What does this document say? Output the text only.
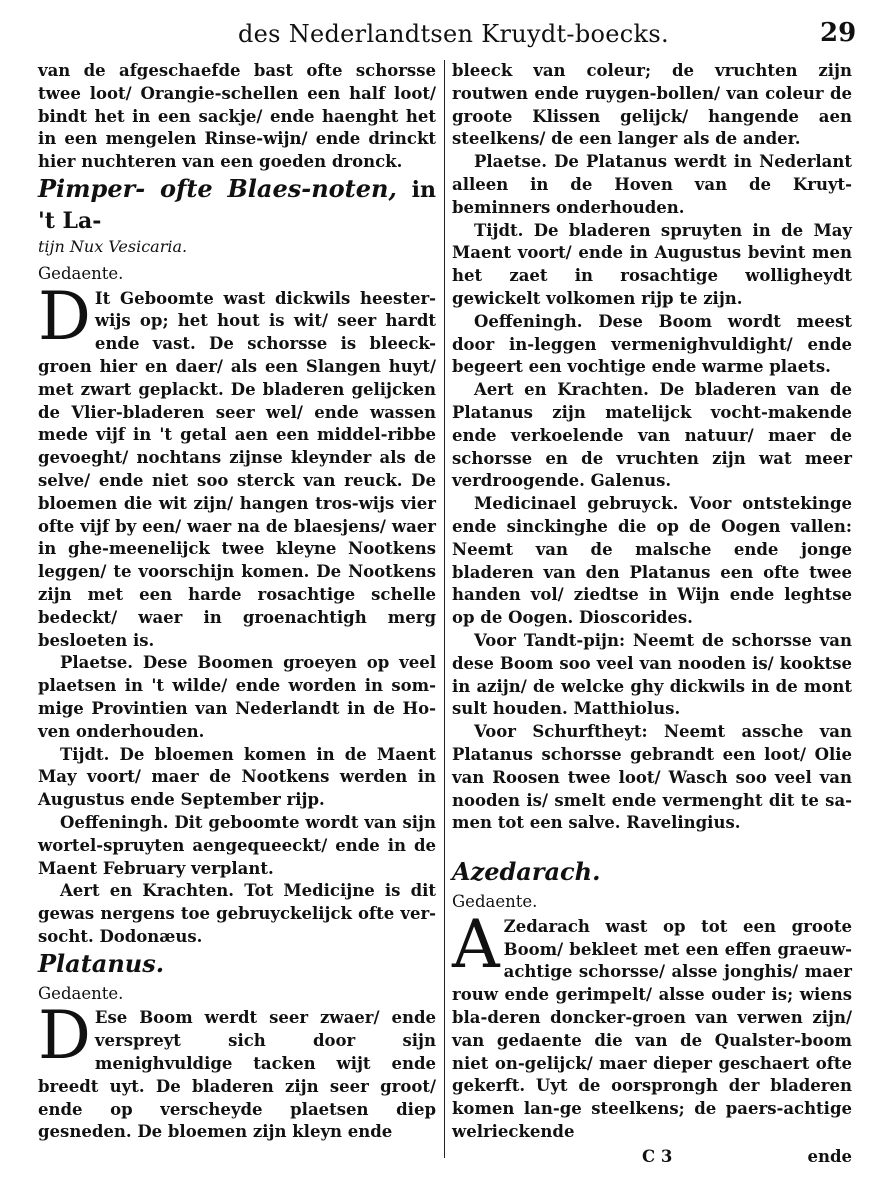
des Nederlandtsen Kruydt-boecks.	29

van de afgeschaefde bast ofte schorsse twee loot/ Orangie-schellen een half loot/ bindt het in een sackje/ ende haenght het in een mengelen Rinse-wijn/ ende drinckt hier nuchteren van een goeden dronck.

Pimper- ofte Blaes-noten, in 't La-

tijn Nux Vesicaria.

Gedaente.

D It Geboomte wast dickwils heester-wijs op; het hout is wit/ seer hardt ende vast. De schorsse is bleeck-groen hier en daer/ als een Slangen huyt/ met zwart geplackt. De bladeren gelijcken de Vlier-bladeren seer wel/ ende wassen mede vijf in 't getal aen een middel-ribbe gevoeght/ nochtans zijnse kleynder als de selve/ ende niet soo sterck van reuck. De bloemen die wit zijn/ hangen tros-wijs vier ofte vijf by een/ waer na de blaesjens/ waer in ghe-meenelijck twee kleyne Nootkens leggen/ te voorschijn komen. De Nootkens zijn met een harde rosachtige schelle bedeckt/ waer in groenachtigh merg besloeten is.

Plaetse. Dese Boomen groeyen op veel plaetsen in 't wilde/ ende worden in som-mige Provintien van Nederlandt in de Ho-ven onderhouden.

Tijdt. De bloemen komen in de Maent May voort/ maer de Nootkens werden in Augustus ende September rijp.

Oeffeningh. Dit geboomte wordt van sijn wortel-spruyten aengequeeckt/ ende in de Maent February verplant.

Aert en Krachten. Tot Medicijne is dit gewas nergens toe gebruyckelijck ofte ver-socht. Dodonæus.

Platanus.

Gedaente.

D Ese Boom werdt seer zwaer/ ende verspreyt sich door sijn menighvuldige tacken wijt ende breedt uyt. De bladeren zijn seer groot/ ende op verscheyde plaetsen diep gesneden. De bloemen zijn kleyn ende

bleeck van coleur; de vruchten zijn routwen ende ruygen-bollen/ van coleur de groote Klissen gelijck/ hangende aen steelkens/ de een langer als de ander.

Plaetse. De Platanus werdt in Nederlant alleen in de Hoven van de Kruyt-beminners onderhouden.

Tijdt. De bladeren spruyten in de May Maent voort/ ende in Augustus bevint men het zaet in rosachtige wolligheydt gewickelt volkomen rijp te zijn.

Oeffeningh. Dese Boom wordt meest door in-leggen vermenighvuldight/ ende begeert een vochtige ende warme plaets.

Aert en Krachten. De bladeren van de Platanus zijn matelijck vocht-makende ende verkoelende van natuur/ maer de schorsse en de vruchten zijn wat meer verdroogende. Galenus.

Medicinael gebruyck. Voor ontstekinge ende sinckinghe die op de Oogen vallen: Neemt van de malsche ende jonge bladeren van den Platanus een ofte twee handen vol/ ziedtse in Wijn ende leghtse op de Oogen. Dioscorides.

Voor Tandt-pijn: Neemt de schorsse van dese Boom soo veel van nooden is/ kooktse in azijn/ de welcke ghy dickwils in de mont sult houden. Matthiolus.

Voor Schurftheyt: Neemt assche van Platanus schorsse gebrandt een loot/ Olie van Roosen twee loot/ Wasch soo veel van nooden is/ smelt ende vermenght dit te sa-men tot een salve. Ravelingius.

Azedarach.

Gedaente.

A Zedarach wast op tot een groote Boom/ bekleet met een effen graeuw-achtige schorsse/ alsse jonghis/ maer rouw ende gerimpelt/ alsse ouder is; wiens bla-deren doncker-groen van verwen zijn/ van gedaente die van de Qualster-boom niet on-gelijck/ maer dieper geschaert ofte gekerft. Uyt de oorsprongh der bladeren komen lan-ge steelkens; de paers-achtige welrieckende

C 3	ende
